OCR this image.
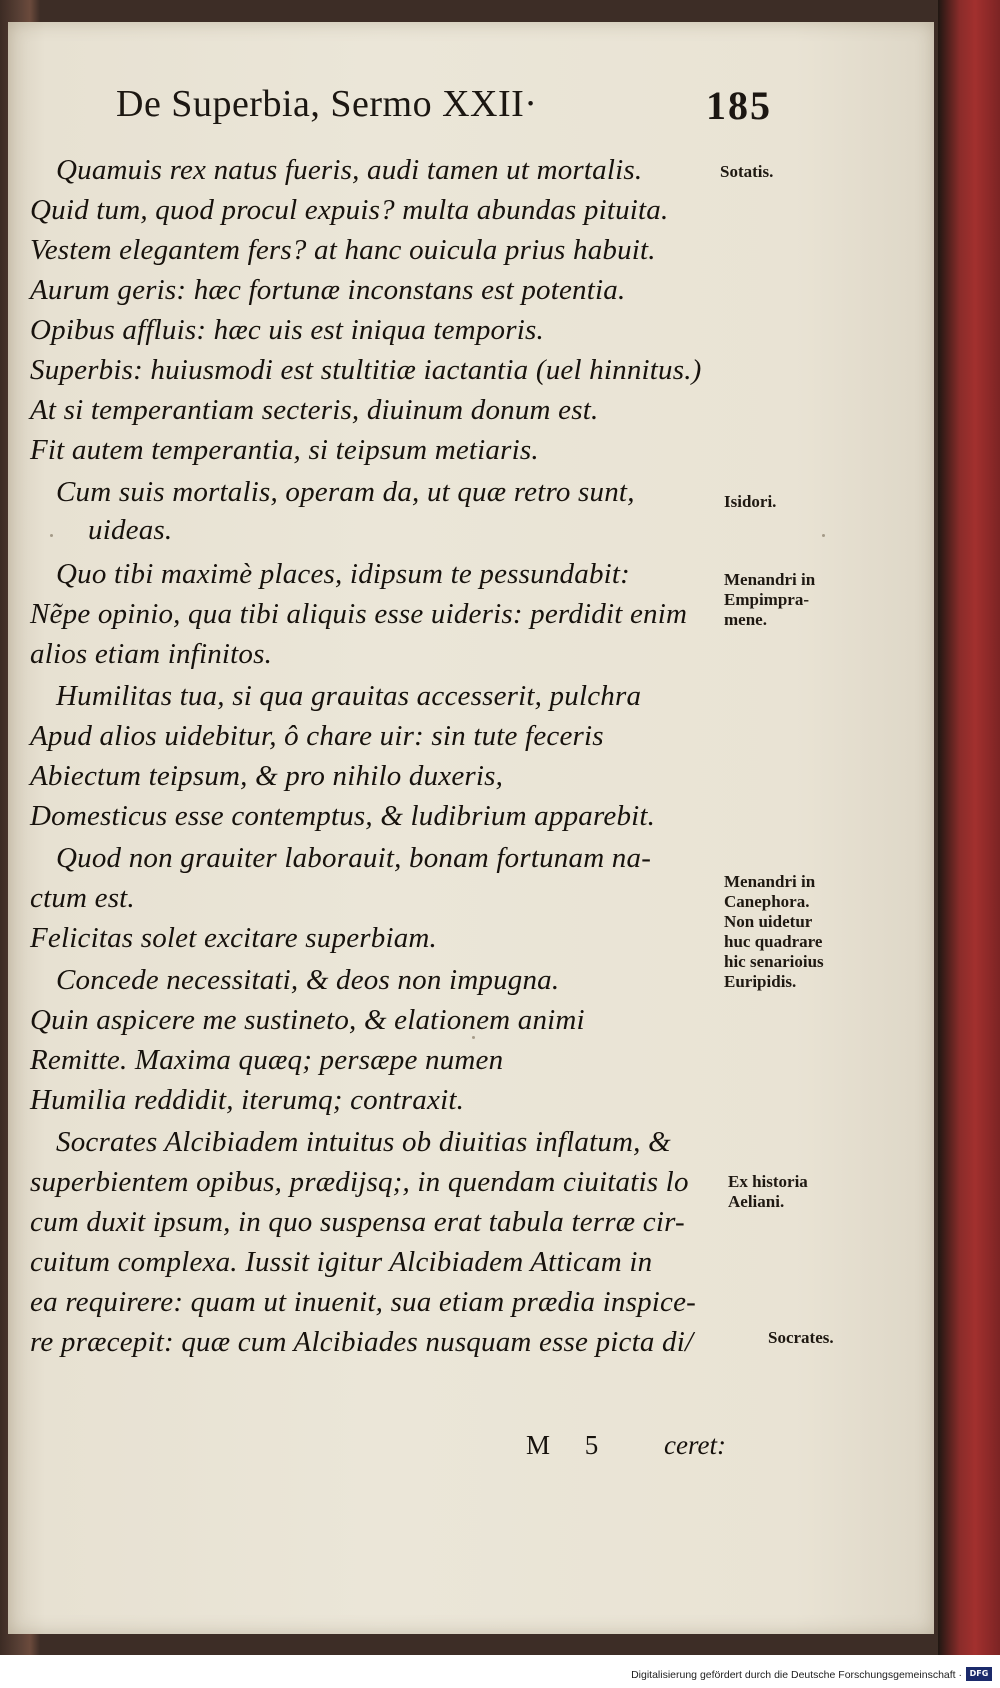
De Superbia, Sermo XXII·	185
Quamuis rex natus fueris, audi tamen ut mortalis.
Quid tum, quod procul expuis? multa abundas pituita.
Vestem elegantem fers? at hanc ouicula prius habuit.
Aurum geris: hæc fortunæ inconstans est potentia.
Opibus affluis: hæc uis est iniqua temporis.
Superbis: huiusmodi est stultitiæ iactantia (uel hinnitus.)
At si temperantiam secteris, diuinum donum est.
Fit autem temperantia, si teipsum metiaris.
Cum suis mortalis, operam da, ut quæ retro sunt,
uideas.
Quo tibi maximè places, idipsum te pessundabit:
Nẽpe opinio, qua tibi aliquis esse uideris: perdidit enim
alios etiam infinitos.
Humilitas tua, si qua grauitas accesserit, pulchra
Apud alios uidebitur, ô chare uir: sin tute feceris
Abiectum teipsum, & pro nihilo duxeris,
Domesticus esse contemptus, & ludibrium apparebit.
Quod non grauiter laborauit, bonam fortunam na-
ctum est.
Felicitas solet excitare superbiam.
Concede necessitati, & deos non impugna.
Quin aspicere me sustineto, & elationem animi
Remitte. Maxima quæq; persæpe numen
Humilia reddidit, iterumq; contraxit.
Socrates Alcibiadem intuitus ob diuitias inflatum, &
superbientem opibus, prædijsq;, in quendam ciuitatis lo
cum duxit ipsum, in quo suspensa erat tabula terræ cir-
cuitum complexa. Iussit igitur Alcibiadem Atticam in
ea requirere: quam ut inuenit, sua etiam prædia inspice-
re præcepit: quæ cum Alcibiades nusquam esse picta di/
Sotatis.
Isidori.
Menandri in
Empimpra-
mene.
Menandri in
Canephora.
Non uidetur
huc quadrare
hic senarioius
Euripidis.
Ex historia
Aeliani.
Socrates.
M 5 ceret:
Digitalisierung gefördert durch die Deutsche Forschungsgemeinschaft · DFG
